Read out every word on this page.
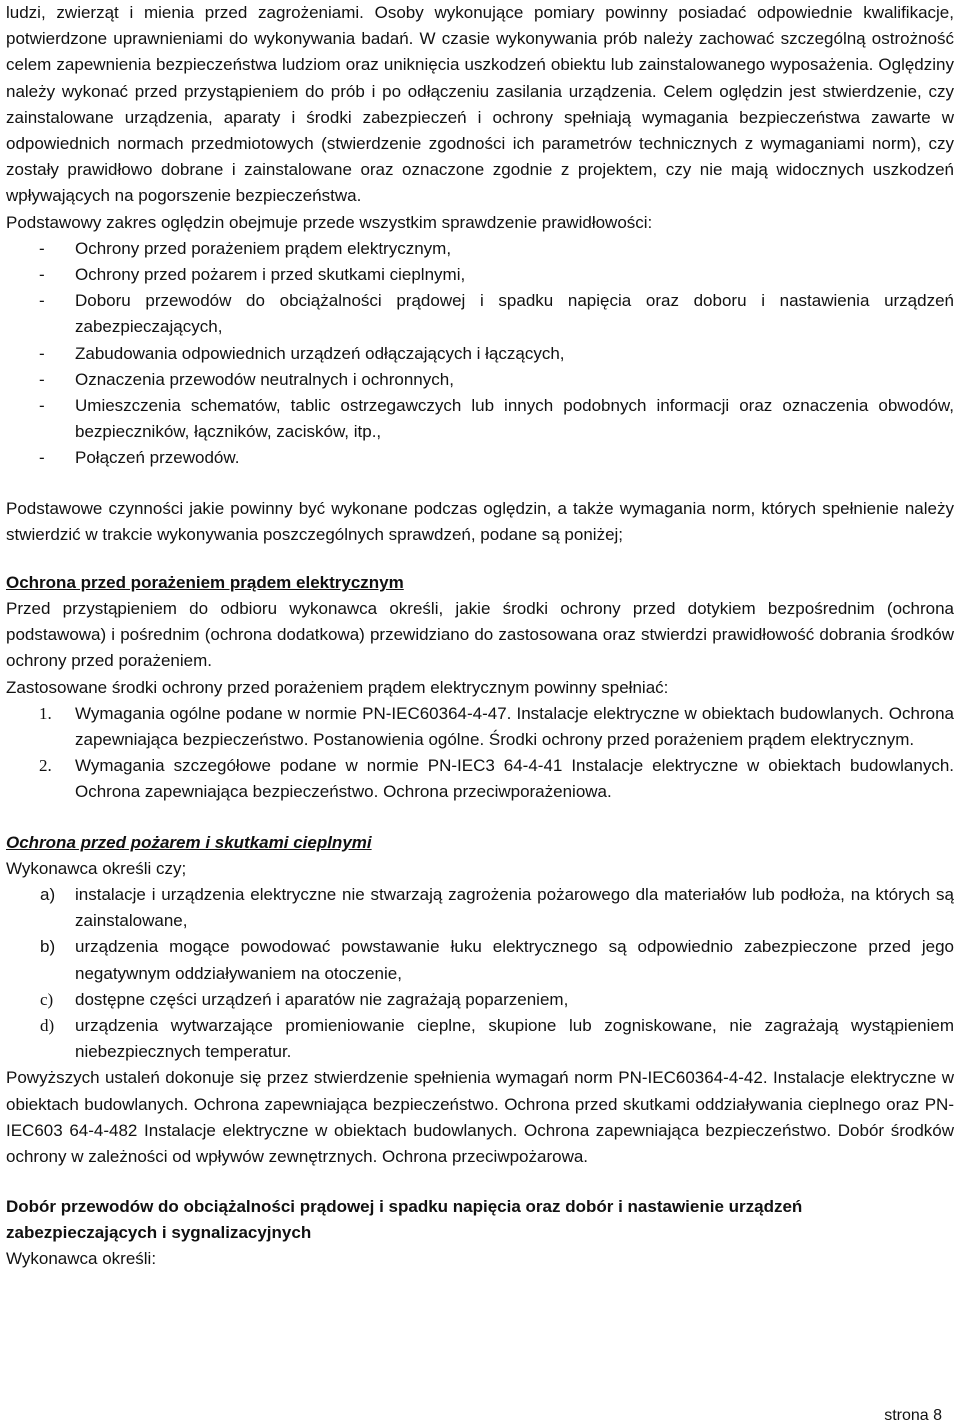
ludzi, zwierząt i mienia przed zagrożeniami. Osoby wykonujące pomiary powinny posiadać odpowiednie kwalifikacje, potwierdzone uprawnieniami do wykonywania badań. W czasie wykonywania prób należy zachować szczególną ostrożność celem zapewnienia bezpieczeństwa ludziom oraz uniknięcia uszkodzeń obiektu lub zainstalowanego wyposażenia. Oględziny należy wykonać przed przystąpieniem do prób i po odłączeniu zasilania urządzenia. Celem oględzin jest stwierdzenie, czy zainstalowane urządzenia, aparaty i środki zabezpieczeń i ochrony spełniają wymagania bezpieczeństwa zawarte w odpowiednich normach przedmiotowych (stwierdzenie zgodności ich parametrów technicznych z wymaganiami norm), czy zostały prawidłowo dobrane i zainstalowane oraz oznaczone zgodnie z projektem, czy nie mają widocznych uszkodzeń wpływających na pogorszenie bezpieczeństwa.

Podstawowy zakres oględzin obejmuje przede wszystkim sprawdzenie prawidłowości:

- Ochrony przed porażeniem prądem elektrycznym,
- Ochrony przed pożarem i przed skutkami cieplnymi,
- Doboru przewodów do obciążalności prądowej i spadku napięcia oraz doboru i nastawienia urządzeń zabezpieczających,
- Zabudowania odpowiednich urządzeń odłączających i łączących,
- Oznaczenia przewodów neutralnych i ochronnych,
- Umieszczenia schematów, tablic ostrzegawczych lub innych podobnych informacji oraz oznaczenia obwodów, bezpieczników, łączników, zacisków, itp.,
- Połączeń przewodów.

Podstawowe czynności jakie powinny być wykonane podczas oględzin, a także wymagania norm, których spełnienie należy stwierdzić w trakcie wykonywania poszczególnych sprawdzeń, podane są poniżej;

Ochrona przed porażeniem prądem elektrycznym

Przed przystąpieniem do odbioru wykonawca określi, jakie środki ochrony przed dotykiem bezpośrednim (ochrona podstawowa) i pośrednim (ochrona dodatkowa) przewidziano do zastosowana oraz stwierdzi prawidłowość dobrania środków ochrony przed porażeniem.

Zastosowane środki ochrony przed porażeniem prądem elektrycznym powinny spełniać:

1. Wymagania ogólne podane w normie PN-IEC60364-4-47. Instalacje elektryczne w obiektach budowlanych. Ochrona zapewniająca bezpieczeństwo. Postanowienia ogólne. Środki ochrony przed porażeniem prądem elektrycznym.
2. Wymagania szczegółowe podane w normie PN-IEC3 64-4-41 Instalacje elektryczne w obiektach budowlanych. Ochrona zapewniająca bezpieczeństwo. Ochrona przeciwporażeniowa.

Ochrona przed pożarem i skutkami cieplnymi

Wykonawca określi czy;

a) instalacje i urządzenia elektryczne nie stwarzają zagrożenia pożarowego dla materiałów lub podłoża, na których są zainstalowane,
b) urządzenia mogące powodować powstawanie łuku elektrycznego są odpowiednio zabezpieczone przed jego negatywnym oddziaływaniem na otoczenie,
c) dostępne części urządzeń i aparatów nie zagrażają poparzeniem,
d) urządzenia wytwarzające promieniowanie cieplne, skupione lub zogniskowane, nie zagrażają wystąpieniem niebezpiecznych temperatur.

Powyższych ustaleń dokonuje się przez stwierdzenie spełnienia wymagań norm PN-IEC60364-4-42. Instalacje elektryczne w obiektach budowlanych. Ochrona zapewniająca bezpieczeństwo. Ochrona przed skutkami oddziaływania cieplnego oraz PN-IEC603 64-4-482 Instalacje elektryczne w obiektach budowlanych. Ochrona zapewniająca bezpieczeństwo. Dobór środków ochrony w zależności od wpływów zewnętrznych. Ochrona przeciwpożarowa.

Dobór przewodów do obciążalności prądowej i spadku napięcia oraz dobór i nastawienie urządzeń zabezpieczających i sygnalizacyjnych

Wykonawca określi:

strona 8
